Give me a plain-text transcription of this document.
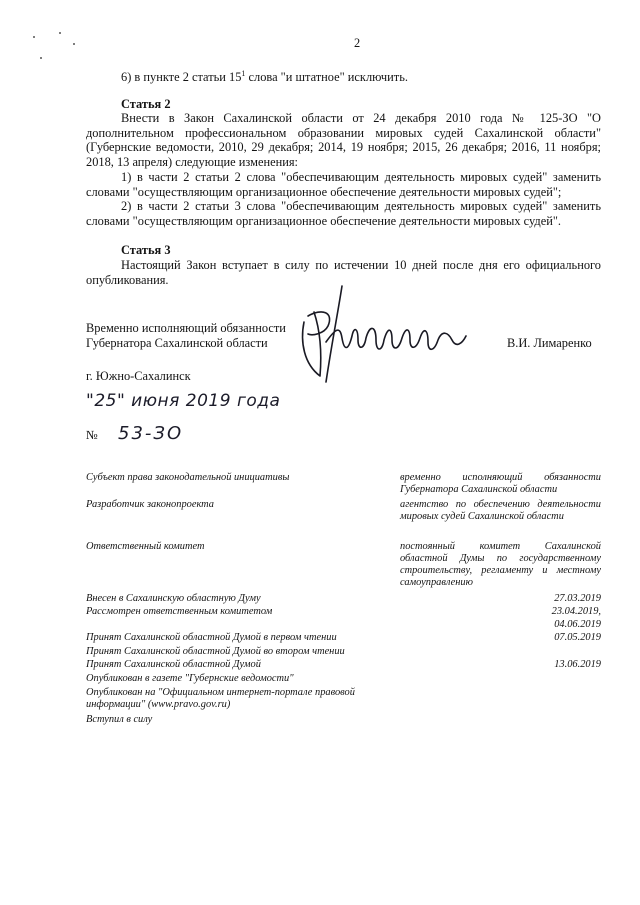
2
6) в пункте 2 статьи $15^1$ слова "и штатное" исключить.
Статья 2
Внести в Закон Сахалинской области от 24 декабря 2010 года № 125-ЗО "О дополнительном профессиональном образовании мировых судей Сахалинской области" (Губернские ведомости, 2010, 29 декабря; 2014, 19 ноября; 2015, 26 декабря; 2016, 11 ноября; 2018, 13 апреля) следующие изменения:
1) в части 2 статьи 2 слова "обеспечивающим деятельность мировых судей" заменить словами "осуществляющим организационное обеспечение деятельности мировых судей";
2) в части 2 статьи 3 слова "обеспечивающим деятельность мировых судей" заменить словами "осуществляющим организационное обеспечение деятельности мировых судей".
Статья 3
Настоящий Закон вступает в силу по истечении 10 дней после дня его официального опубликования.
Временно исполняющий обязанности
Губернатора Сахалинской области	В.И. Лимаренко
г. Южно-Сахалинск
"25" июня 2019 года
№ 53-ЗО
Субъект права законодательной инициативы	временно исполняющий обязанности Губернатора Сахалинской области
Разработчик законопроекта	агентство по обеспечению деятельности мировых судей Сахалинской области
Ответственный комитет	постоянный комитет Сахалинской областной Думы по государственному строительству, регламенту и местному самоуправлению
Внесен в Сахалинскую областную Думу	27.03.2019
Рассмотрен ответственным комитетом	23.04.2019,
04.06.2019
Принят Сахалинской областной Думой в первом чтении	07.05.2019
Принят Сахалинской областной Думой во втором чтении
Принят Сахалинской областной Думой	13.06.2019
Опубликован в газете "Губернские ведомости"
Опубликован на "Официальном интернет-портале правовой информации" (www.pravo.gov.ru)
Вступил в силу
